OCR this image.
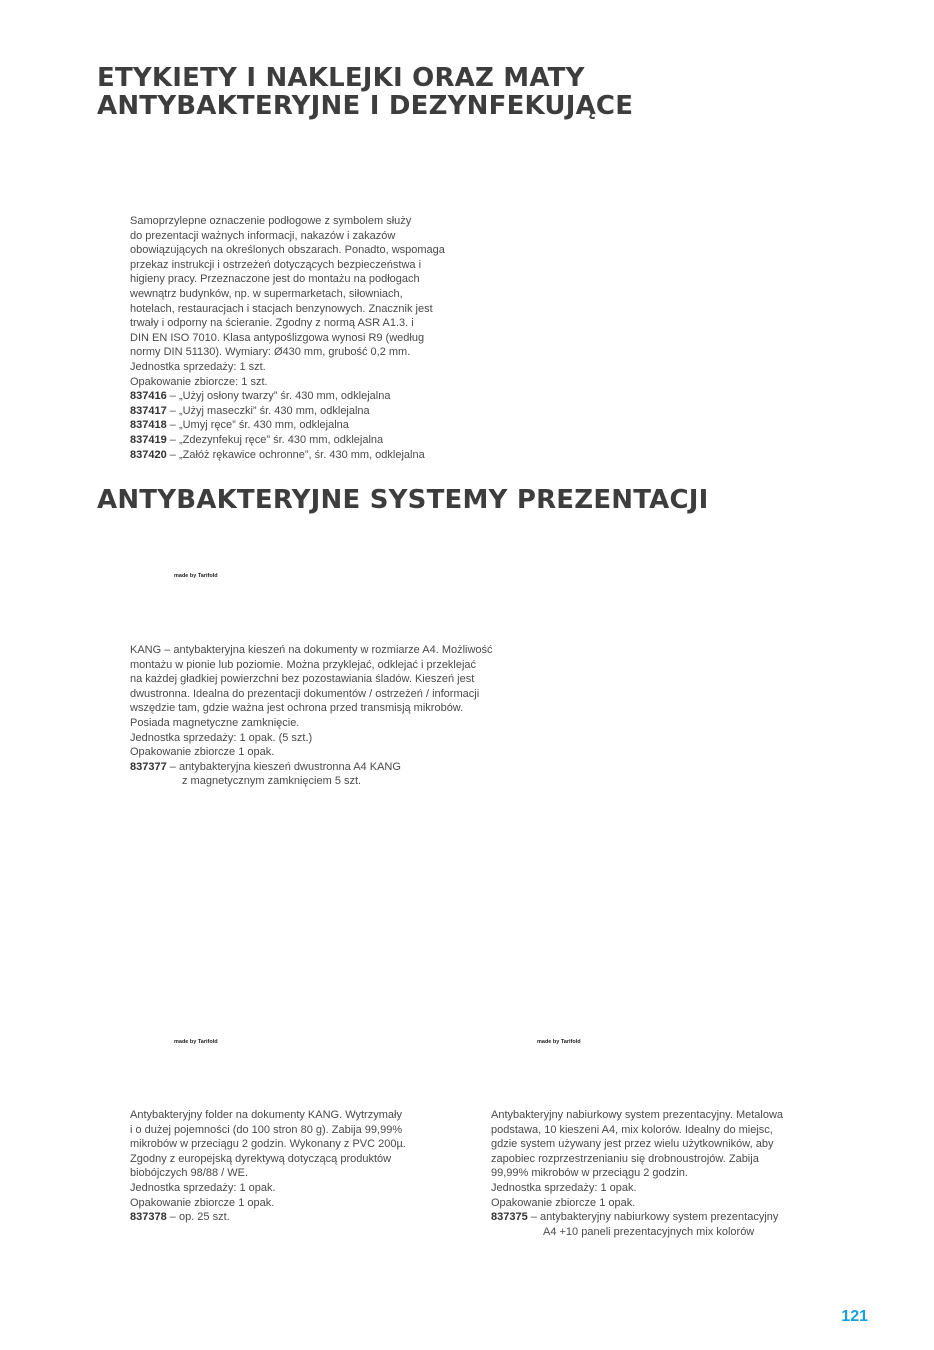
ETYKIETY I NAKLEJKI ORAZ MATY
ANTYBAKTERYJNE I DEZYNFEKUJĄCE
Samoprzylepne oznaczenie podłogowe z symbolem służy
do prezentacji ważnych informacji, nakazów i zakazów
obowiązujących na określonych obszarach. Ponadto, wspomaga
przekaz instrukcji i ostrzeżeń dotyczących bezpieczeństwa i
higieny pracy. Przeznaczone jest do montażu na podłogach
wewnątrz budynków, np. w supermarketach, siłowniach,
hotelach, restauracjach i stacjach benzynowych. Znacznik jest
trwały i odporny na ścieranie. Zgodny z normą ASR A1.3. i
DIN EN ISO 7010. Klasa antypoślizgowa wynosi R9 (według
normy DIN 51130). Wymiary: Ø430 mm, grubość 0,2 mm.
Jednostka sprzedaży: 1 szt.
Opakowanie zbiorcze: 1 szt.
837416 – „Użyj osłony twarzy” śr. 430 mm, odklejalna
837417 – „Użyj maseczki” śr. 430 mm, odklejalna
837418 – „Umyj ręce” śr. 430 mm, odklejalna
837419 – „Zdezynfekuj ręce” śr. 430 mm, odklejalna
837420 – „Załóż rękawice ochronne”, śr. 430 mm, odklejalna
ANTYBAKTERYJNE SYSTEMY PREZENTACJI
made by Tarifold
made by Tarifold	made by Tarifold
KANG – antybakteryjna kieszeń na dokumenty w rozmiarze A4. Możliwość
montażu w pionie lub poziomie. Można przyklejać, odklejać i przeklejać
na każdej gładkiej powierzchni bez pozostawiania śladów. Kieszeń jest
dwustronna. Idealna do prezentacji dokumentów / ostrzeżeń / informacji
wszędzie tam, gdzie ważna jest ochrona przed transmisją mikrobów.
Posiada magnetyczne zamknięcie.
Jednostka sprzedaży: 1 opak. (5 szt.)
Opakowanie zbiorcze 1 opak.
837377 – antybakteryjna kieszeń dwustronna A4 KANG
z magnetycznym zamknięciem 5 szt.
Antybakteryjny folder na dokumenty KANG. Wytrzymały
i o dużej pojemności (do 100 stron 80 g). Zabija 99,99%
mikrobów w przeciągu 2 godzin. Wykonany z PVC 200µ.
Zgodny z europejską dyrektywą dotyczącą produktów
biobójczych 98/88 / WE.
Jednostka sprzedaży: 1 opak.
Opakowanie zbiorcze 1 opak.
837378 – op. 25 szt.
Antybakteryjny nabiurkowy system prezentacyjny. Metalowa
podstawa, 10 kieszeni A4, mix kolorów. Idealny do miejsc,
gdzie system używany jest przez wielu użytkowników, aby
zapobiec rozprzestrzenianiu się drobnoustrojów. Zabija
99,99% mikrobów w przeciągu 2 godzin.
Jednostka sprzedaży: 1 opak.
Opakowanie zbiorcze 1 opak.
837375 – antybakteryjny nabiurkowy system prezentacyjny
A4 +10 paneli prezentacyjnych mix kolorów
121
